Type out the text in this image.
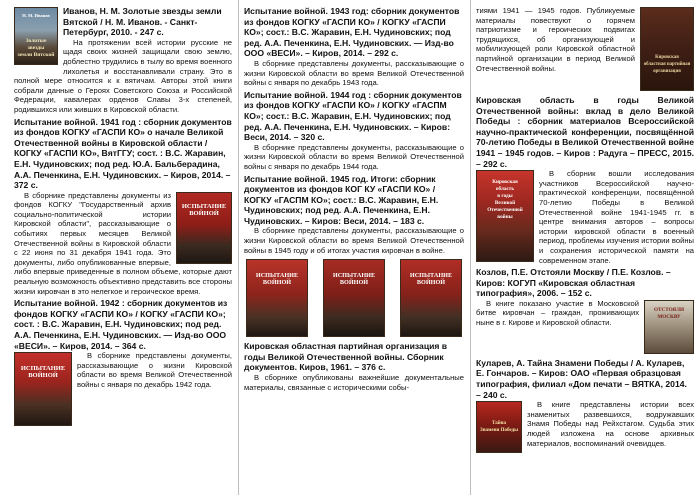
Золотые
звезды
земли Вятской
Н. М. Иванов	Иванов, Н. М. Золотые звезды земли Вятской / Н. М. Иванов. - Санкт-Петербург, 2010. - 247 с.

На протяжении всей истории русские не щадя своих жизней защищали свою землю, доблестно трудились в тылу во время военного лихолетья и восстанавливали страну. Это в полной мере относится к к вятичам. Авторы этой книги собрали данные о Героях Советского Союза и Российской Федерации, кавалерах орденов Славы 3-х степеней, родившихся или живших в Кировской области.

Испытание войной. 1941 год : сборник документов из фондов КОГКУ «ГАСПИ КО» о начале Великой Отечественной войны в Кировской области / КОГКУ «ГАСПИ КО», ВятГГУ; сост. : В.С. Жаравин, Е.Н. Чудиновских; под ред. Ю.А. Бальберадина, А.А. Печенкина, Е.Н. Чудиновских. – Киров, 2014. – 372 с.

ИСПЫТАНИЕ
ВОЙНОЙ

В сборнике представлены документы из фондов КОГКУ "Государственный архив социально-политической истории Кировской области", рассказывающие о событиях первых месяцев Великой Отечественной войны в Кировской области с 22 июня по 31 декабря 1941 года. Это документы, либо опубликованные впервые, либо впервые приведенные в полном объеме, которые дают реальную возможность объективно представить все стороны жизни кировчан в это нелегкое и героическое время.

Испытание войной. 1942 : сборник документов из фондов КОГКУ «ГАСПИ КО» / КОГКУ «ГАСПИ КО»; сост. : В.С. Жаравин, Е.Н. Чудиновских; под ред. А.А. Печенкина, Е.Н. Чудиновских. — Изд-во ООО «ВЕСИ». – Киров, 2014. – 364 с.

ИСПЫТАНИЕ
ВОЙНОЙ

В сборнике представлены документы, рассказывающие о жизни Кировской области во время Великой Отечественной войны с января по декабрь 1942 года.

Испытание войной. 1943 год: сборник документов из фондов КОГКУ «ГАСПИ КО» / КОГКУ «ГАСПИ КО»; сост.: В.С. Жаравин, Е.Н. Чудиновских; под ред. А.А. Печенкина, Е.Н. Чудиновских. — Изд-во ООО «ВЕСИ». – Киров, 2014. – 292 с.

В сборнике представлены документы, рассказывающие о жизни Кировской области во время Великой Отечественной войны с января по декабрь 1943 года.

Испытание войной. 1944 год : сборник документов из фондов КОГКУ «ГАСПИ КО» / КОГКУ «ГАСПМ КО»; сост.: В.С. Жаравин, Е.Н. Чудиновских; под ред. А.А. Печенкина, Е.Н. Чудиновских. – Киров: Веси, 2014. – 320 с.

В сборнике представлены документы, рассказывающие о жизни Кировской области во время Великой Отечественной войны с января по декабрь 1944 года.

Испытание войной. 1945 год. Итоги: сборник документов из фондов КОГ КУ «ГАСПИ КО» / КОГКУ «ГАСПМ КО»; сост.: В.С. Жаравин, Е.Н. Чудиновских; под ред. А.А. Печенкина, Е.Н. Чудиновских. – Киров: Веси, 2014. – 183 с.

В сборнике представлены документы, рассказывающие о жизни Кировской области во время Великой Отечественной войны в 1945 году и об итогах участия кировчан в войне.

ИСПЫТАНИЕ
ВОЙНОЙ
ИСПЫТАНИЕ
ВОЙНОЙ
ИСПЫТАНИЕ
ВОЙНОЙ

Кировская областная партийная организация в годы Великой Отечественной войны. Сборник документов. Киров, 1961. – 376 с.

В сборнике опубликованы важнейшие документальные материалы, связанные с историческими собы-

Кировская
областная партийная
организация

тиями 1941 — 1945 годов. Публикуемые материалы повествуют о горячем патриотизме и героических подвигах трудящихся, об организующей и мобилизующей роли Кировской областной партийной организации в период Великой Отечественной войны.

Кировская область в годы Великой Отечественной войны: вклад в дело Великой Победы : сборник материалов Всероссийской научно-практической конференции, посвящённой 70-летию Победы в Великой Отечественной войне 1941 – 1945 годов. – Киров : Радуга – ПРЕСС, 2015. – 292 с.

Кировская
область
в годы
Великой Отечественной войны

В сборник вошли исследования участников Всероссийской научно-практической конференции, посвящённой 70-летию Победы в Великой Отечественной войне 1941-1945 гг. в центре внимания авторов – вопросы истории кировской области в военный период, проблемы изучения истории войны и сохранения исторической памяти на современном этапе.

Козлов, П.Е. Отстояли Москву / П.Е. Козлов. – Киров: КОГУП «Кировская областная типография», 2006. – 152 с.

ОТСТОЯЛИ
МОСКВУ

В книге показано участие в Московской битве кировчан – граждан, проживающих ныне в г. Кирове и Кировской области.

Куларев, А. Тайна Знамени Победы / А. Куларев, Е. Гончаров. – Киров: ОАО «Первая образцовая типография, филиал «Дом печати – ВЯТКА, 2014. – 240 с.

Тайна
Знамени Победы

В книге представлены истории всех знаменитых развевшихся, водружавших Знамя Победы над Рейхстагом. Судьба этих людей изложена на основе архивных материалов, воспоминаний очевидцев.
